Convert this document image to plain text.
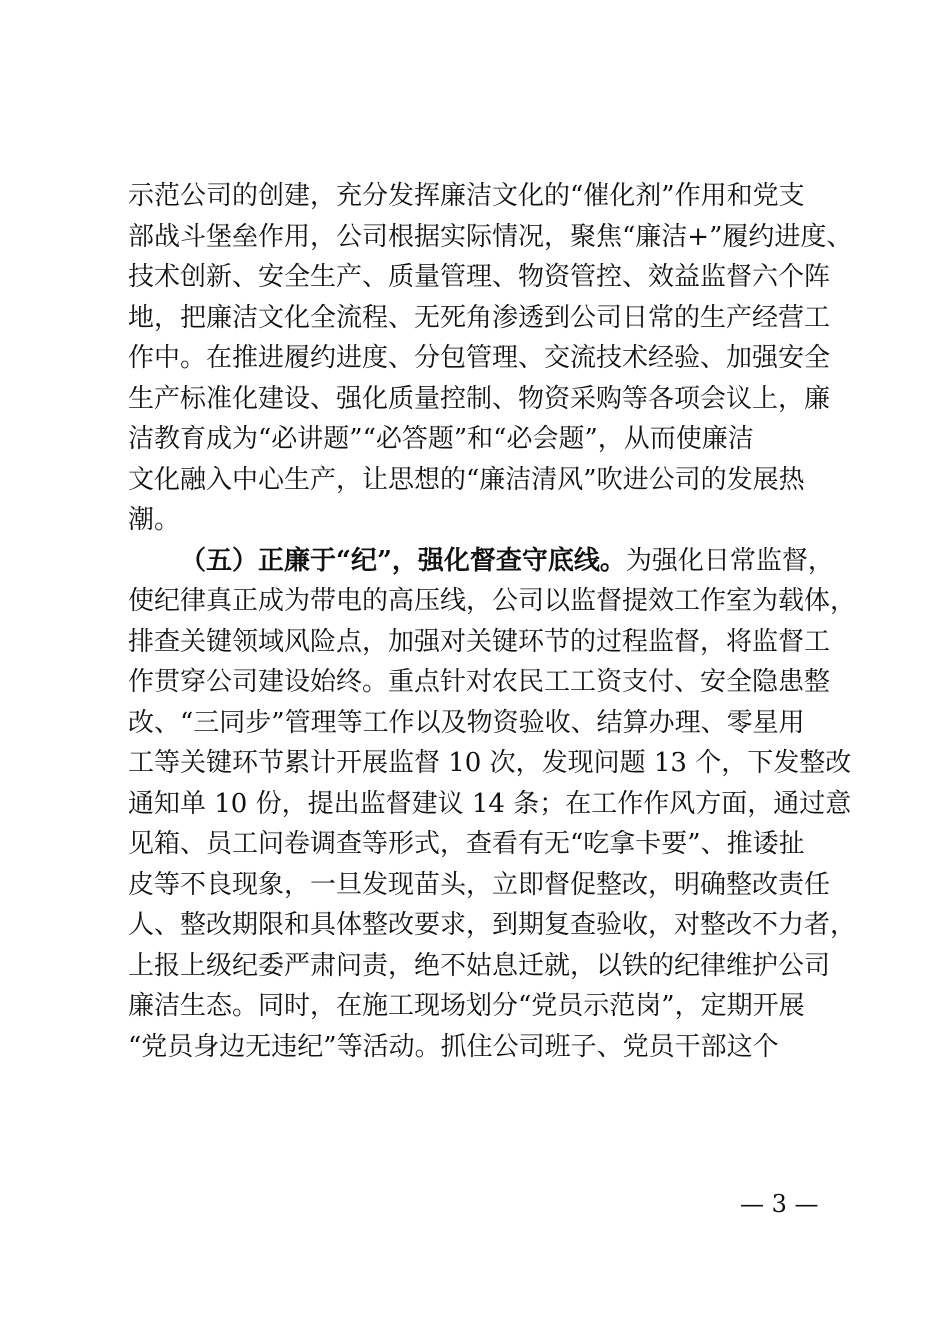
示范公司的创建，充分发挥廉洁文化的“催化剂”作用和党支
部战斗堡垒作用，公司根据实际情况，聚焦“廉洁+”履约进度、
技术创新、安全生产、质量管理、物资管控、效益监督六个阵
地，把廉洁文化全流程、无死角渗透到公司日常的生产经营工
作中。在推进履约进度、分包管理、交流技术经验、加强安全
生产标准化建设、强化质量控制、物资采购等各项会议上，廉
洁教育成为“必讲题”“必答题”和“必会题”，从而使廉洁
文化融入中心生产，让思想的“廉洁清风”吹进公司的发展热
潮。
（五）正廉于“纪”，强化督查守底线。为强化日常监督，
使纪律真正成为带电的高压线，公司以监督提效工作室为载体，
排查关键领域风险点，加强对关键环节的过程监督，将监督工
作贯穿公司建设始终。重点针对农民工工资支付、安全隐患整
改、“三同步”管理等工作以及物资验收、结算办理、零星用
工等关键环节累计开展监督 10 次，发现问题 13 个，下发整改
通知单 10 份，提出监督建议 14 条；在工作作风方面，通过意
见箱、员工问卷调查等形式，查看有无“吃拿卡要”、推诿扯
皮等不良现象，一旦发现苗头，立即督促整改，明确整改责任
人、整改期限和具体整改要求，到期复查验收，对整改不力者，
上报上级纪委严肃问责，绝不姑息迁就，以铁的纪律维护公司
廉洁生态。同时，在施工现场划分“党员示范岗”，定期开展
“党员身边无违纪”等活动。抓住公司班子、党员干部这个
— 3 —
